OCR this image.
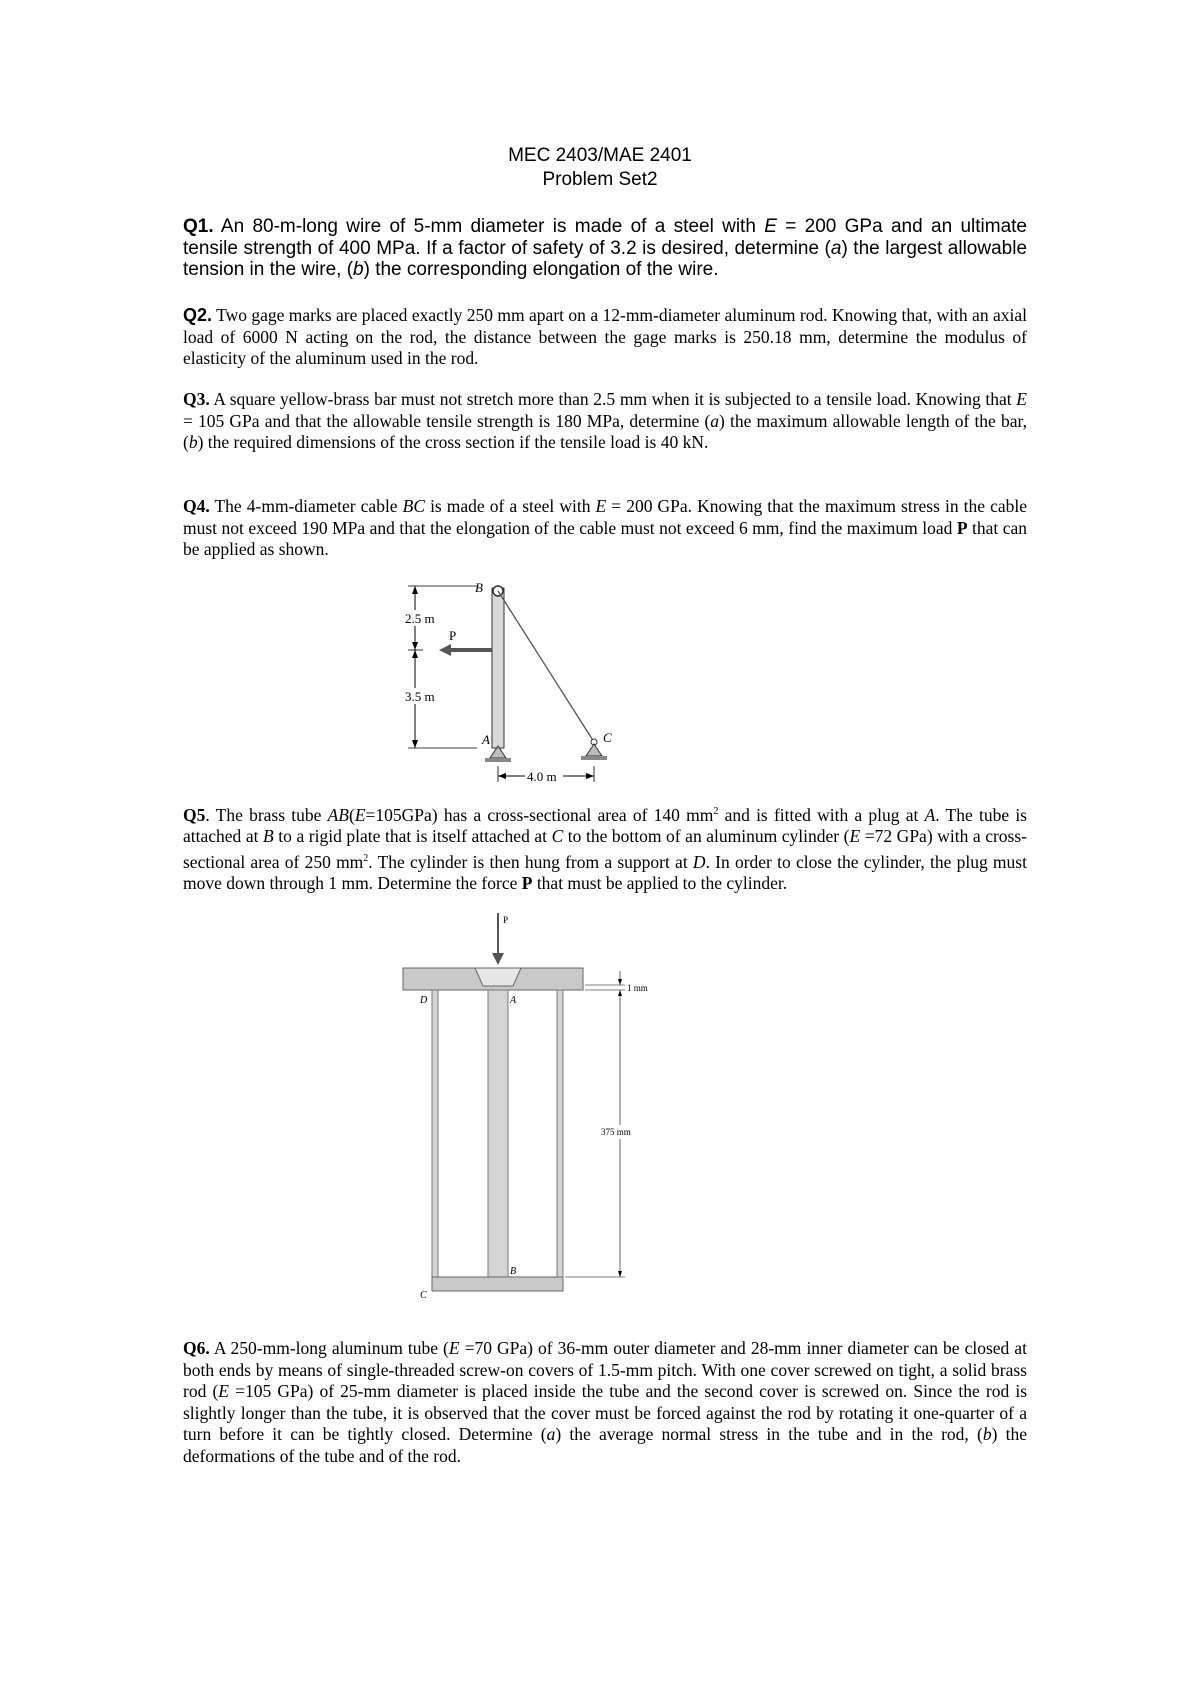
MEC 2403/MAE 2401
Problem Set2
Q1. An 80-m-long wire of 5-mm diameter is made of a steel with E = 200 GPa and an ultimate tensile strength of 400 MPa. If a factor of safety of 3.2 is desired, determine (a) the largest allowable tension in the wire, (b) the corresponding elongation of the wire.
Q2. Two gage marks are placed exactly 250 mm apart on a 12-mm-diameter aluminum rod. Knowing that, with an axial load of 6000 N acting on the rod, the distance between the gage marks is 250.18 mm, determine the modulus of elasticity of the aluminum used in the rod.
Q3. A square yellow-brass bar must not stretch more than 2.5 mm when it is subjected to a tensile load. Knowing that E = 105 GPa and that the allowable tensile strength is 180 MPa, determine (a) the maximum allowable length of the bar, (b) the required dimensions of the cross section if the tensile load is 40 kN.
Q4. The 4-mm-diameter cable BC is made of a steel with E = 200 GPa. Knowing that the maximum stress in the cable must not exceed 190 MPa and that the elongation of the cable must not exceed 6 mm, find the maximum load P that can be applied as shown.
2.5 m
3.5 m
P
B
A	C
4.0 m
Q5. The brass tube AB(E=105GPa) has a cross-sectional area of 140 $mm^2$ and is fitted with a plug at A. The tube is attached at B to a rigid plate that is itself attached at C to the bottom of an aluminum cylinder (E =72 GPa) with a cross-sectional area of 250 $mm^2$. The cylinder is then hung from a support at D. In order to close the cylinder, the plug must move down through 1 mm. Determine the force P that must be applied to the cylinder.
P
D	A
B
C
1 mm
375 mm
Q6. A 250-mm-long aluminum tube (E =70 GPa) of 36-mm outer diameter and 28-mm inner diameter can be closed at both ends by means of single-threaded screw-on covers of 1.5-mm pitch. With one cover screwed on tight, a solid brass rod (E =105 GPa) of 25-mm diameter is placed inside the tube and the second cover is screwed on. Since the rod is slightly longer than the tube, it is observed that the cover must be forced against the rod by rotating it one-quarter of a turn before it can be tightly closed. Determine (a) the average normal stress in the tube and in the rod, (b) the deformations of the tube and of the rod.
